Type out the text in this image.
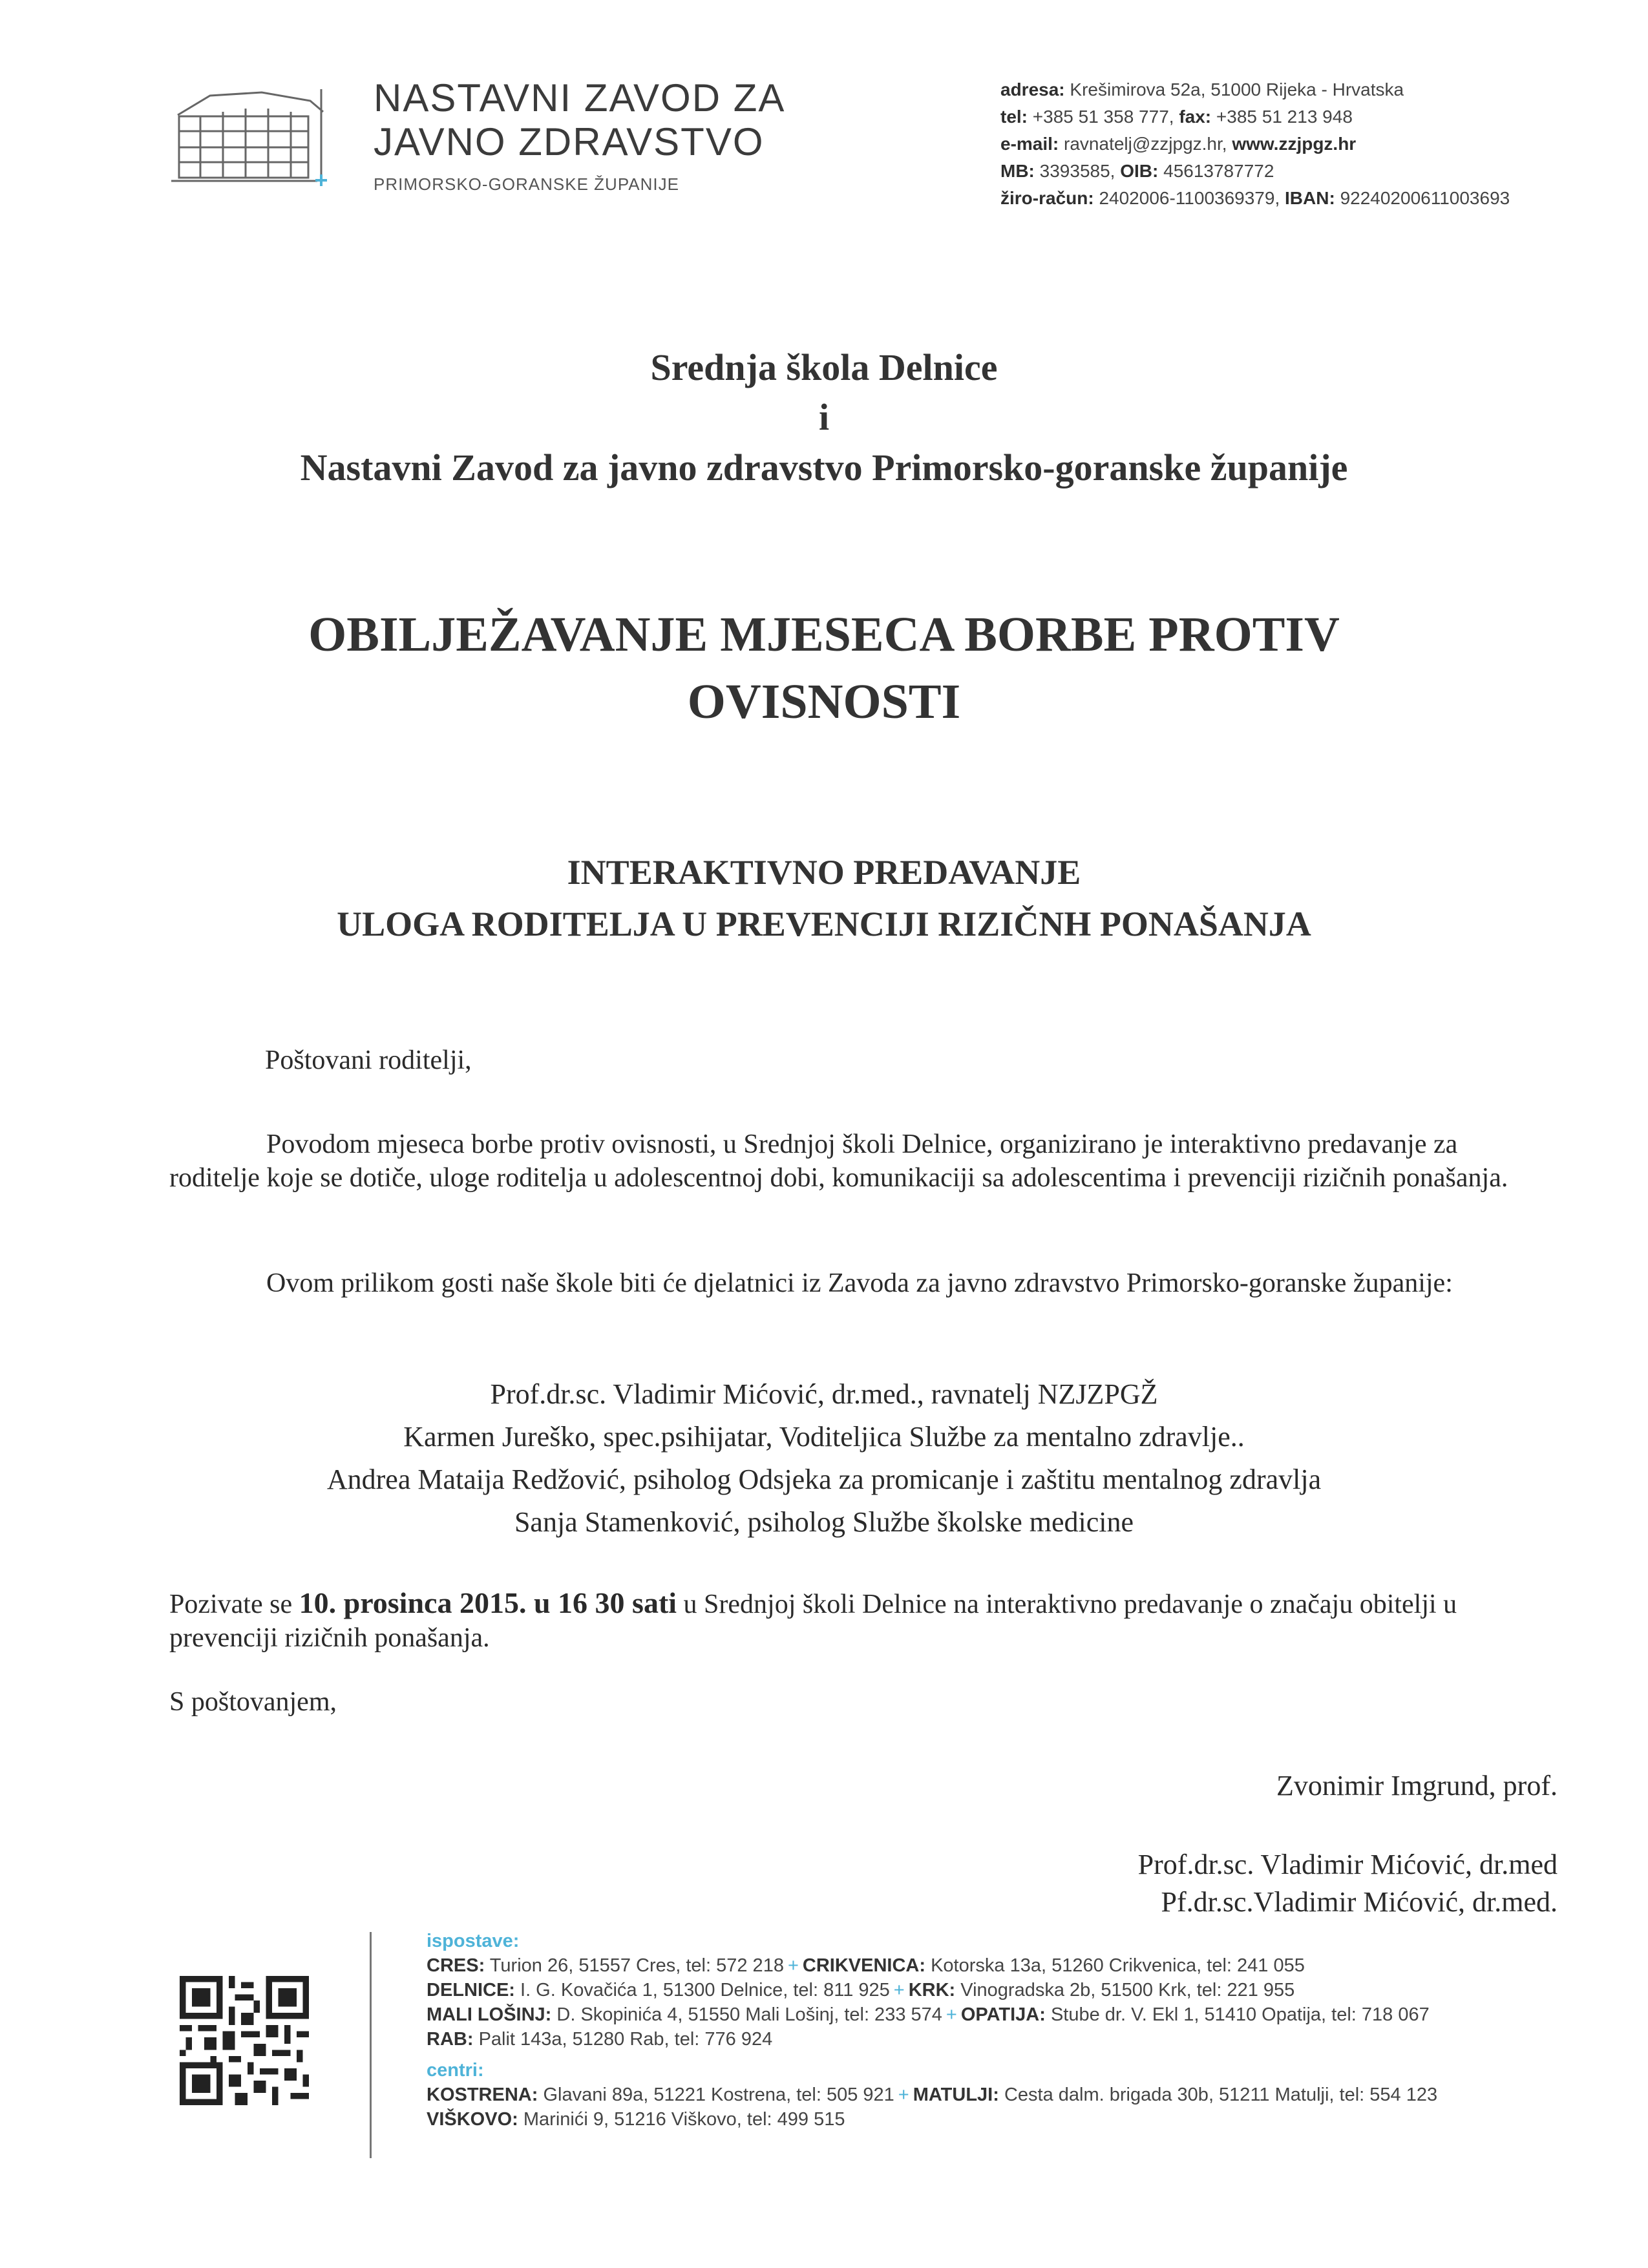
NASTAVNI ZAVOD ZA
JAVNO ZDRAVSTVO
PRIMORSKO-GORANSKE ŽUPANIJE
adresa: Krešimirova 52a, 51000 Rijeka - Hrvatska
tel: +385 51 358 777, fax: +385 51 213 948
e-mail: ravnatelj@zzjpgz.hr, www.zzjpgz.hr
MB: 3393585, OIB: 45613787772
žiro-račun: 2402006-1100369379, IBAN: 92240200611003693
Srednja škola Delnice
i
Nastavni Zavod za javno zdravstvo Primorsko-goranske županije
OBILJEŽAVANJE MJESECA BORBE PROTIV
OVISNOSTI
INTERAKTIVNO PREDAVANJE
ULOGA RODITELJA U PREVENCIJI RIZIČNH PONAŠANJA
Poštovani roditelji,
Povodom mjeseca borbe protiv ovisnosti, u Srednjoj školi Delnice, organizirano je interaktivno predavanje za roditelje koje se dotiče, uloge roditelja u adolescentnoj dobi, komunikaciji sa adolescentima i prevenciji rizičnih ponašanja.
Ovom prilikom gosti naše škole biti će djelatnici iz Zavoda za javno zdravstvo Primorsko-goranske županije:
Prof.dr.sc. Vladimir Mićović, dr.med., ravnatelj NZJZPGŽ
Karmen Jureško, spec.psihijatar, Voditeljica Službe za mentalno zdravlje..
Andrea Mataija Redžović, psiholog Odsjeka za promicanje i zaštitu mentalnog zdravlja
Sanja Stamenković, psiholog Službe školske medicine
Pozivate se 10. prosinca 2015. u 16 30 sati u Srednjoj školi Delnice na interaktivno predavanje o značaju obitelji u prevenciji rizičnih ponašanja.
S poštovanjem,
Zvonimir Imgrund, prof.
Prof.dr.sc. Vladimir Mićović, dr.med
Pf.dr.sc.Vladimir Mićović, dr.med.
ispostave:
CRES: Turion 26, 51557 Cres, tel: 572 218 + CRIKVENICA: Kotorska 13a, 51260 Crikvenica, tel: 241 055
DELNICE: I. G. Kovačića 1, 51300 Delnice, tel: 811 925 + KRK: Vinogradska 2b, 51500 Krk, tel: 221 955
MALI LOŠINJ: D. Skopinića 4, 51550 Mali Lošinj, tel: 233 574 + OPATIJA: Stube dr. V. Ekl 1, 51410 Opatija, tel: 718 067
RAB: Palit 143a, 51280 Rab, tel: 776 924
centri:
KOSTRENA: Glavani 89a, 51221 Kostrena, tel: 505 921 + MATULJI: Cesta dalm. brigada 30b, 51211 Matulji, tel: 554 123
VIŠKOVO: Marinići 9, 51216 Viškovo, tel: 499 515
